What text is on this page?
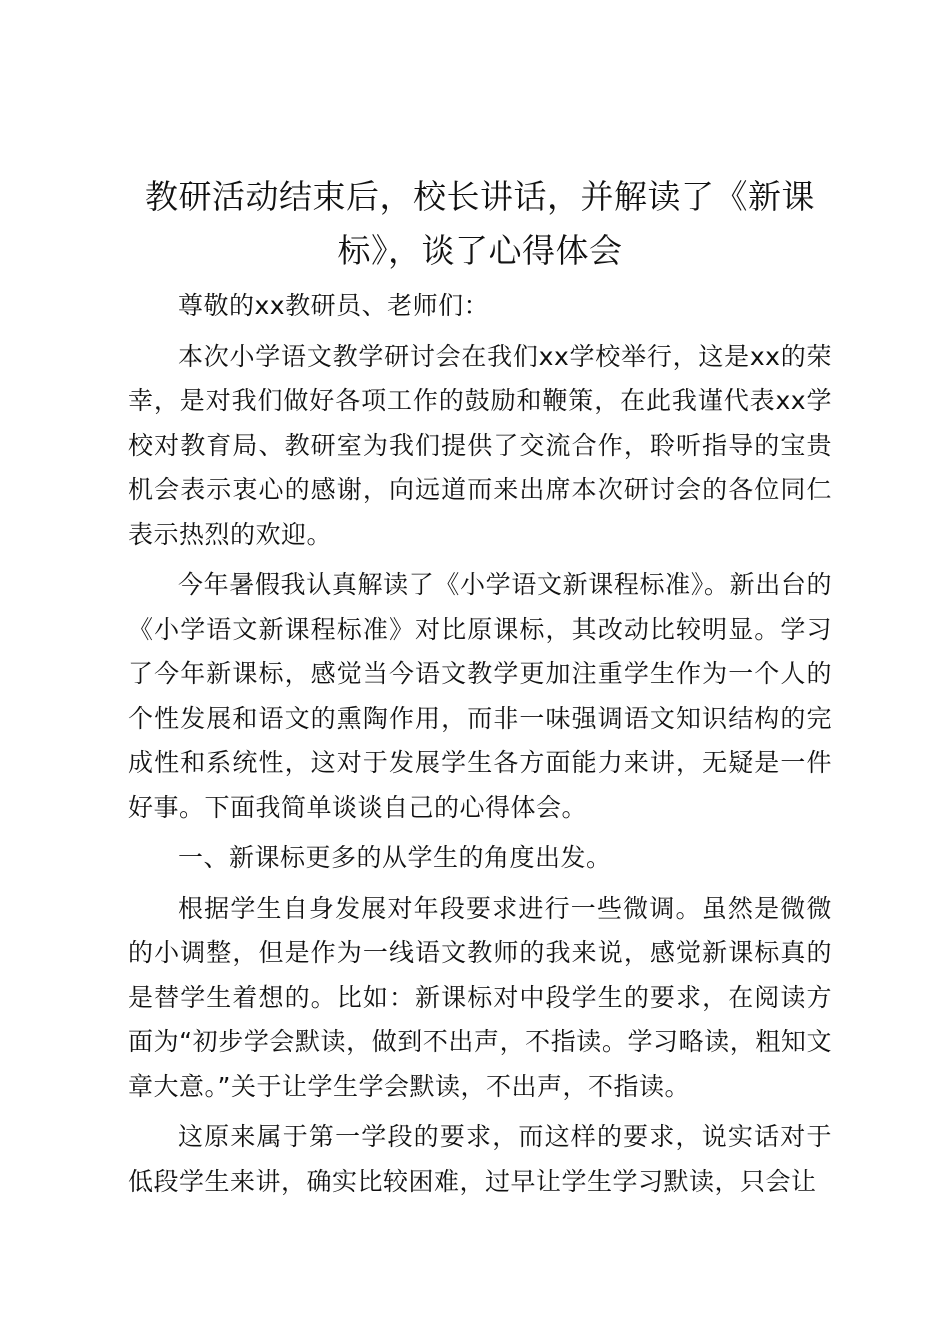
教研活动结束后，校长讲话，并解读了《新课标》，谈了心得体会

尊敬的xx教研员、老师们：

本次小学语文教学研讨会在我们xx学校举行，这是xx的荣幸，是对我们做好各项工作的鼓励和鞭策，在此我谨代表xx学校对教育局、教研室为我们提供了交流合作，聆听指导的宝贵机会表示衷心的感谢，向远道而来出席本次研讨会的各位同仁表示热烈的欢迎。

今年暑假我认真解读了《小学语文新课程标准》。新出台的《小学语文新课程标准》对比原课标，其改动比较明显。学习了今年新课标，感觉当今语文教学更加注重学生作为一个人的个性发展和语文的熏陶作用，而非一味强调语文知识结构的完成性和系统性，这对于发展学生各方面能力来讲，无疑是一件好事。下面我简单谈谈自己的心得体会。

一、新课标更多的从学生的角度出发。

根据学生自身发展对年段要求进行一些微调。虽然是微微的小调整，但是作为一线语文教师的我来说，感觉新课标真的是替学生着想的。比如：新课标对中段学生的要求，在阅读方面为“初步学会默读，做到不出声，不指读。学习略读，粗知文章大意。”关于让学生学会默读，不出声，不指读。

这原来属于第一学段的要求，而这样的要求，说实话对于低段学生来讲，确实比较困难，过早让学生学习默读，只会让
